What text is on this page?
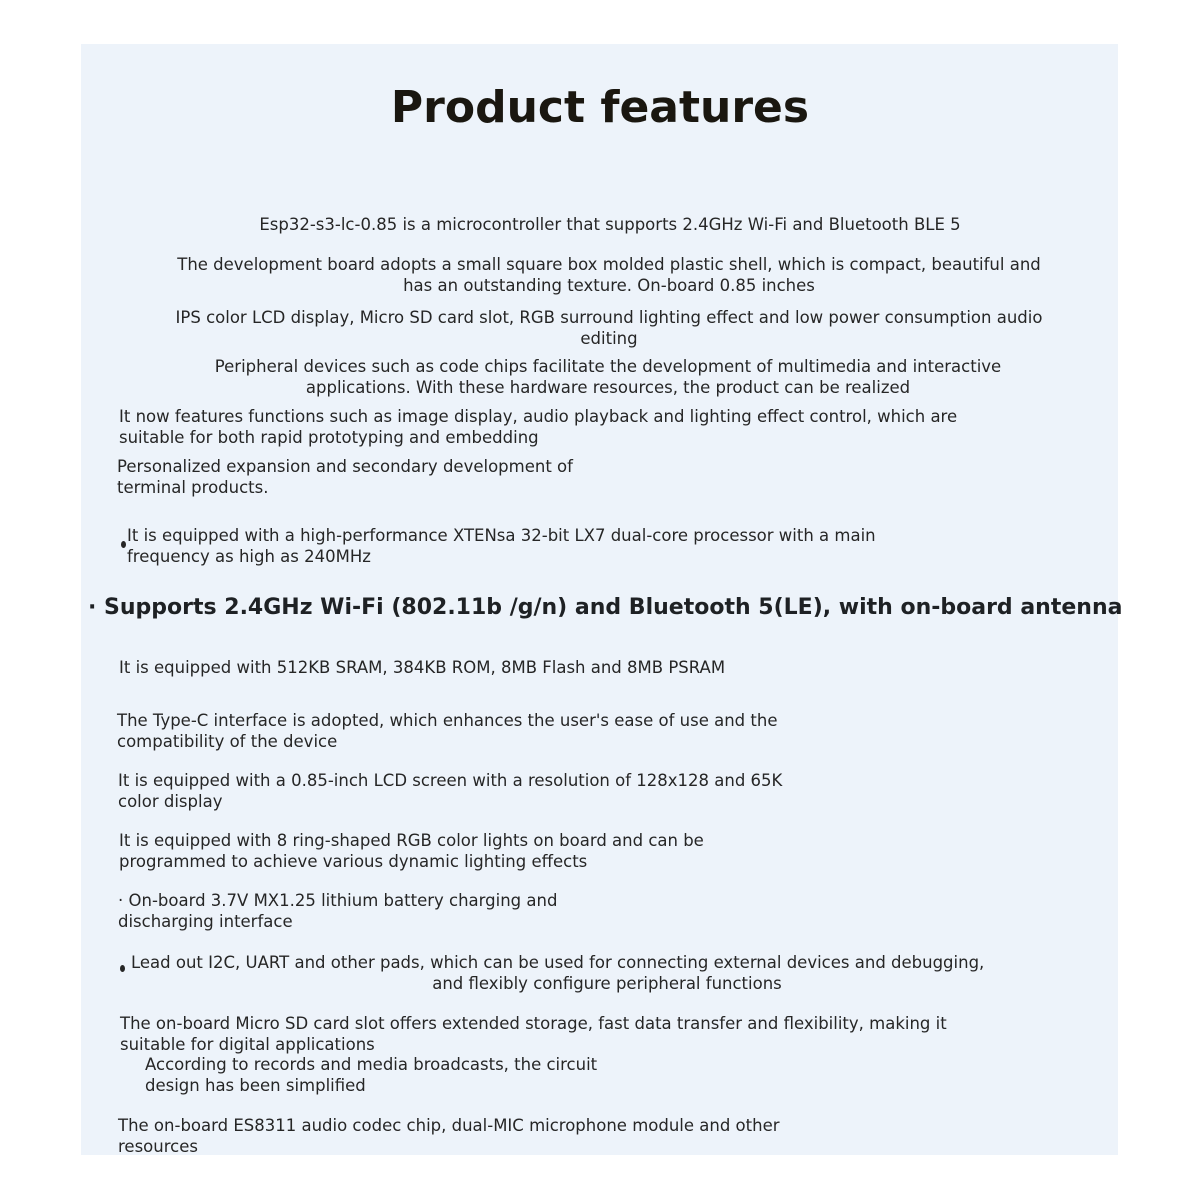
Product features
Esp32-s3-lc-0.85 is a microcontroller that supports 2.4GHz Wi-Fi and Bluetooth BLE 5
The development board adopts a small square box molded plastic shell, which is compact, beautiful and
has an outstanding texture. On-board 0.85 inches
IPS color LCD display, Micro SD card slot, RGB surround lighting effect and low power consumption audio
editing
Peripheral devices such as code chips facilitate the development of multimedia and interactive
applications. With these hardware resources, the product can be realized
It now features functions such as image display, audio playback and lighting effect control, which are
suitable for both rapid prototyping and embedding
Personalized expansion and secondary development of
terminal products.
It is equipped with a high-performance XTENsa 32-bit LX7 dual-core processor with a main
frequency as high as 240MHz
· Supports 2.4GHz Wi-Fi (802.11b /g/n) and Bluetooth 5(LE), with on-board antenna
It is equipped with 512KB SRAM, 384KB ROM, 8MB Flash and 8MB PSRAM
The Type-C interface is adopted, which enhances the user's ease of use and the
compatibility of the device
It is equipped with a 0.85-inch LCD screen with a resolution of 128x128 and 65K
color display
It is equipped with 8 ring-shaped RGB color lights on board and can be
programmed to achieve various dynamic lighting effects
· On-board 3.7V MX1.25 lithium battery charging and
discharging interface
Lead out I2C, UART and other pads, which can be used for connecting external devices and debugging,
and flexibly configure peripheral functions
The on-board Micro SD card slot offers extended storage, fast data transfer and flexibility, making it
suitable for digital applications
According to records and media broadcasts, the circuit
design has been simplified
The on-board ES8311 audio codec chip, dual-MIC microphone module and other
resources
